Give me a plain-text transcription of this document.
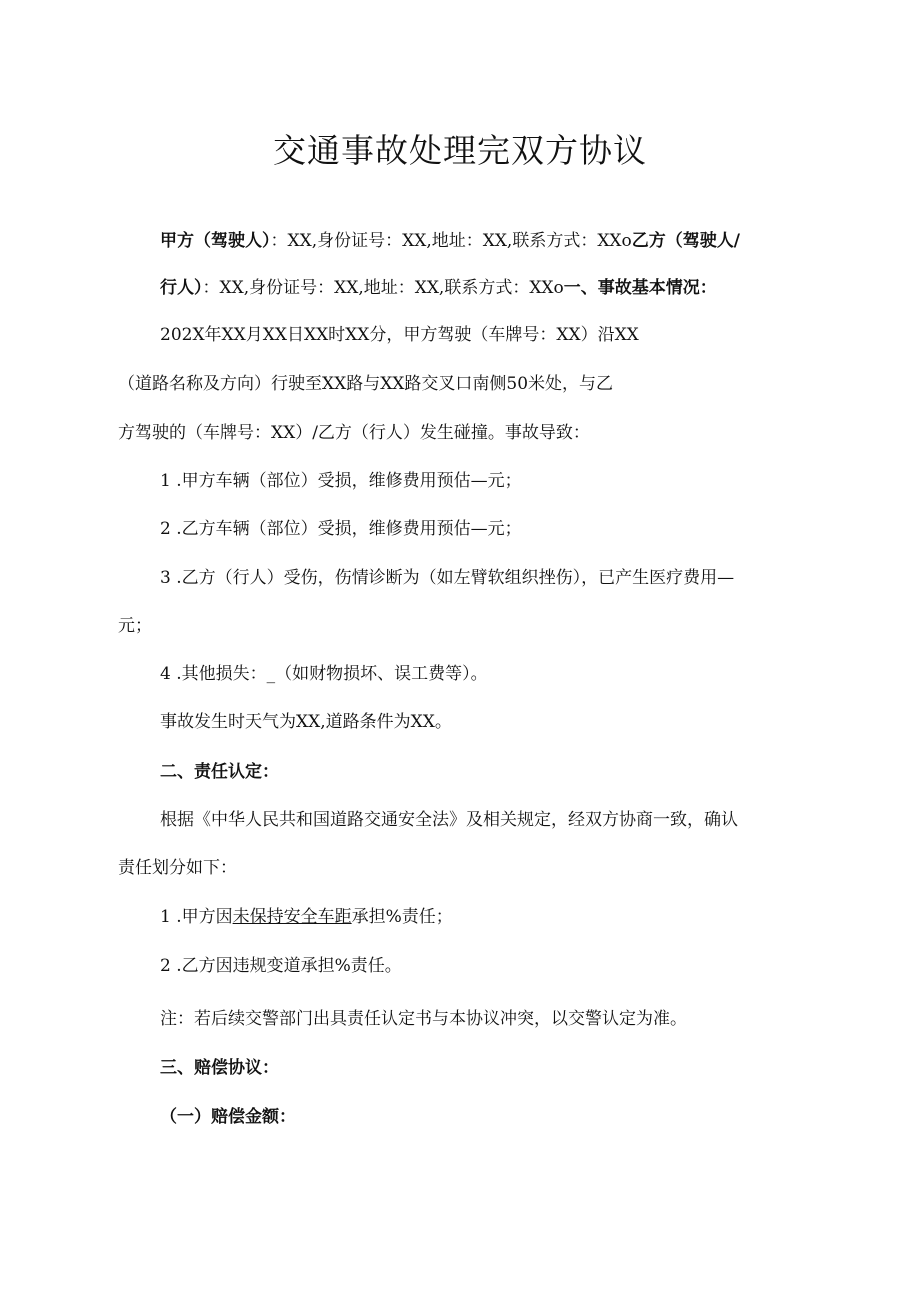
交通事故处理完双方协议
甲方（驾驶人）：XX,身份证号：XX,地址：XX,联系方式：XXo乙方（驾驶人/
行人）：XX,身份证号：XX,地址：XX,联系方式：XXo一、事故基本情况：
202X年XX月XX日XX时XX分，甲方驾驶（车牌号：XX）沿XX
（道路名称及方向）行驶至XX路与XX路交叉口南侧50米处，与乙
方驾驶的（车牌号：XX）/乙方（行人）发生碰撞。事故导致：
1 .甲方车辆（部位）受损，维修费用预估—元；
2 .乙方车辆（部位）受损，维修费用预估—元；
3 .乙方（行人）受伤，伤情诊断为（如左臂软组织挫伤），已产生医疗费用—
元；
4 .其他损失：_（如财物损坏、误工费等）。
事故发生时天气为XX,道路条件为XX。
二、责任认定：
根据《中华人民共和国道路交通安全法》及相关规定，经双方协商一致，确认
责任划分如下：
1 .甲方因未保持安全车距承担%责任；
2 .乙方因违规变道承担%责任。
注：若后续交警部门出具责任认定书与本协议冲突，以交警认定为准。
三、赔偿协议：
（一）赔偿金额：
